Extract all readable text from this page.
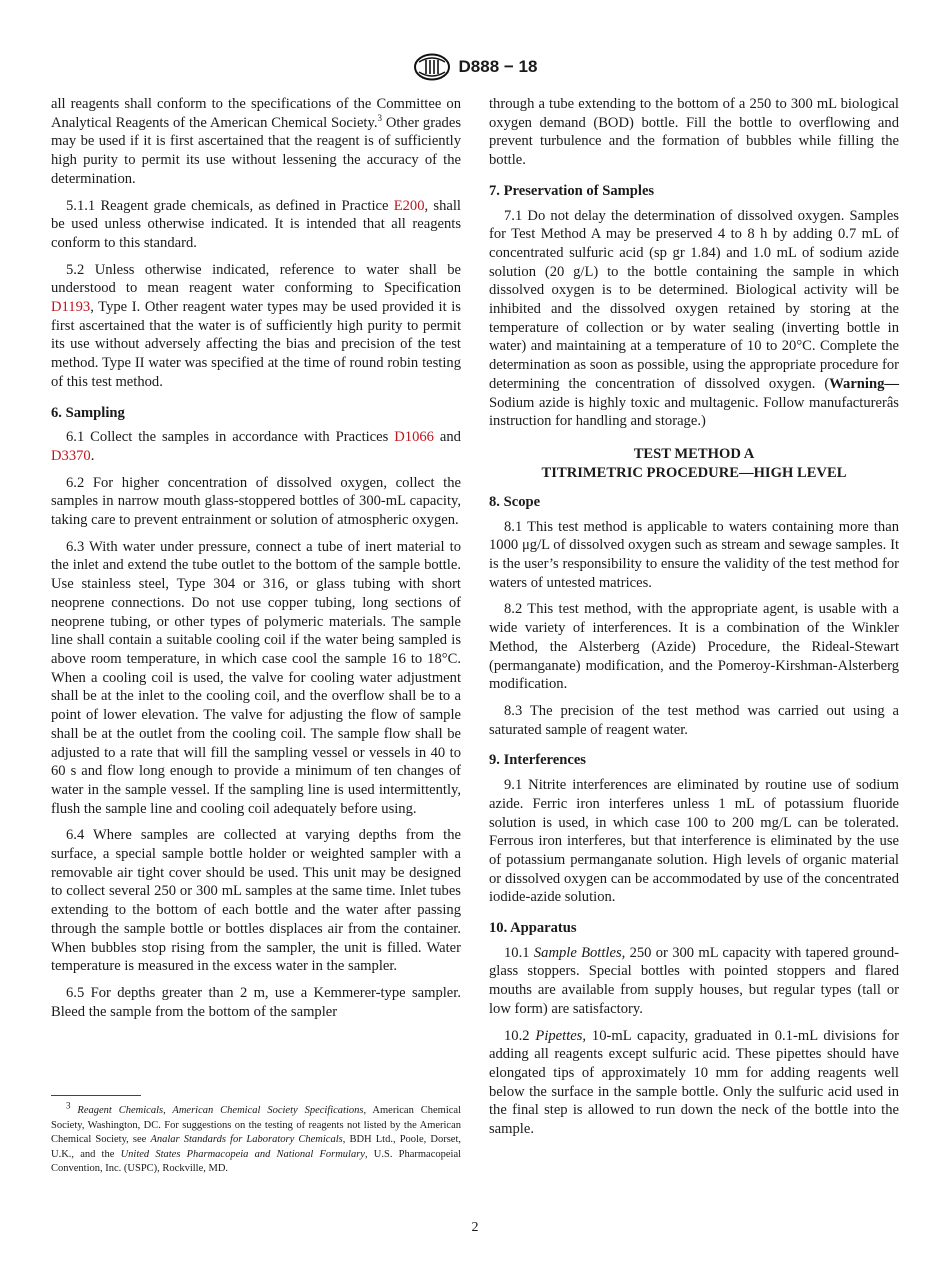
D888 − 18

all reagents shall conform to the specifications of the Committee on Analytical Reagents of the American Chemical Society.$^3$ Other grades may be used if it is first ascertained that the reagent is of sufficiently high purity to permit its use without lessening the accuracy of the determination.

5.1.1 Reagent grade chemicals, as defined in Practice E200, shall be used unless otherwise indicated. It is intended that all reagents conform to this standard.

5.2 Unless otherwise indicated, reference to water shall be understood to mean reagent water conforming to Specification D1193, Type I. Other reagent water types may be used provided it is first ascertained that the water is of sufficiently high purity to permit its use without adversely affecting the bias and precision of the test method. Type II water was specified at the time of round robin testing of this test method.

6. Sampling

6.1 Collect the samples in accordance with Practices D1066 and D3370.

6.2 For higher concentration of dissolved oxygen, collect the samples in narrow mouth glass-stoppered bottles of 300-mL capacity, taking care to prevent entrainment or solution of atmospheric oxygen.

6.3 With water under pressure, connect a tube of inert material to the inlet and extend the tube outlet to the bottom of the sample bottle. Use stainless steel, Type 304 or 316, or glass tubing with short neoprene connections. Do not use copper tubing, long sections of neoprene tubing, or other types of polymeric materials. The sample line shall contain a suitable cooling coil if the water being sampled is above room temperature, in which case cool the sample 16 to 18°C. When a cooling coil is used, the valve for cooling water adjustment shall be at the inlet to the cooling coil, and the overflow shall be to a point of lower elevation. The valve for adjusting the flow of sample shall be at the outlet from the cooling coil. The sample flow shall be adjusted to a rate that will fill the sampling vessel or vessels in 40 to 60 s and flow long enough to provide a minimum of ten changes of water in the sample vessel. If the sampling line is used intermittently, flush the sample line and cooling coil adequately before using.

6.4 Where samples are collected at varying depths from the surface, a special sample bottle holder or weighted sampler with a removable air tight cover should be used. This unit may be designed to collect several 250 or 300 mL samples at the same time. Inlet tubes extending to the bottom of each bottle and the water after passing through the sample bottle or bottles displaces air from the container. When bubbles stop rising from the sampler, the unit is filled. Water temperature is measured in the excess water in the sampler.

6.5 For depths greater than 2 m, use a Kemmerer-type sampler. Bleed the sample from the bottom of the sampler

$^3$ Reagent Chemicals, American Chemical Society Specifications, American Chemical Society, Washington, DC. For suggestions on the testing of reagents not listed by the American Chemical Society, see Analar Standards for Laboratory Chemicals, BDH Ltd., Poole, Dorset, U.K., and the United States Pharmacopeia and National Formulary, U.S. Pharmacopeial Convention, Inc. (USPC), Rockville, MD.

through a tube extending to the bottom of a 250 to 300 mL biological oxygen demand (BOD) bottle. Fill the bottle to overflowing and prevent turbulence and the formation of bubbles while filling the bottle.

7. Preservation of Samples

7.1 Do not delay the determination of dissolved oxygen. Samples for Test Method A may be preserved 4 to 8 h by adding 0.7 mL of concentrated sulfuric acid (sp gr 1.84) and 1.0 mL of sodium azide solution (20 g/L) to the bottle containing the sample in which dissolved oxygen is to be determined. Biological activity will be inhibited and the dissolved oxygen retained by storing at the temperature of collection or by water sealing (inverting bottle in water) and maintaining at a temperature of 10 to 20°C. Complete the determination as soon as possible, using the appropriate procedure for determining the concentration of dissolved oxygen. (Warning—Sodium azide is highly toxic and multagenic. Follow manufacturerâs instruction for handling and storage.)

TEST METHOD A
TITRIMETRIC PROCEDURE—HIGH LEVEL
8. Scope

8.1 This test method is applicable to waters containing more than 1000 μg/L of dissolved oxygen such as stream and sewage samples. It is the user’s responsibility to ensure the validity of the test method for waters of untested matrices.

8.2 This test method, with the appropriate agent, is usable with a wide variety of interferences. It is a combination of the Winkler Method, the Alsterberg (Azide) Procedure, the Rideal-Stewart (permanganate) modification, and the Pomeroy-Kirshman-Alsterberg modification.

8.3 The precision of the test method was carried out using a saturated sample of reagent water.

9. Interferences

9.1 Nitrite interferences are eliminated by routine use of sodium azide. Ferric iron interferes unless 1 mL of potassium fluoride solution is used, in which case 100 to 200 mg/L can be tolerated. Ferrous iron interferes, but that interference is eliminated by the use of potassium permanganate solution. High levels of organic material or dissolved oxygen can be accommodated by use of the concentrated iodide-azide solution.

10. Apparatus

10.1 Sample Bottles, 250 or 300 mL capacity with tapered ground-glass stoppers. Special bottles with pointed stoppers and flared mouths are available from supply houses, but regular types (tall or low form) are satisfactory.

10.2 Pipettes, 10-mL capacity, graduated in 0.1-mL divisions for adding all reagents except sulfuric acid. These pipettes should have elongated tips of approximately 10 mm for adding reagents well below the surface in the sample bottle. Only the sulfuric acid used in the final step is allowed to run down the neck of the bottle into the sample.

2
